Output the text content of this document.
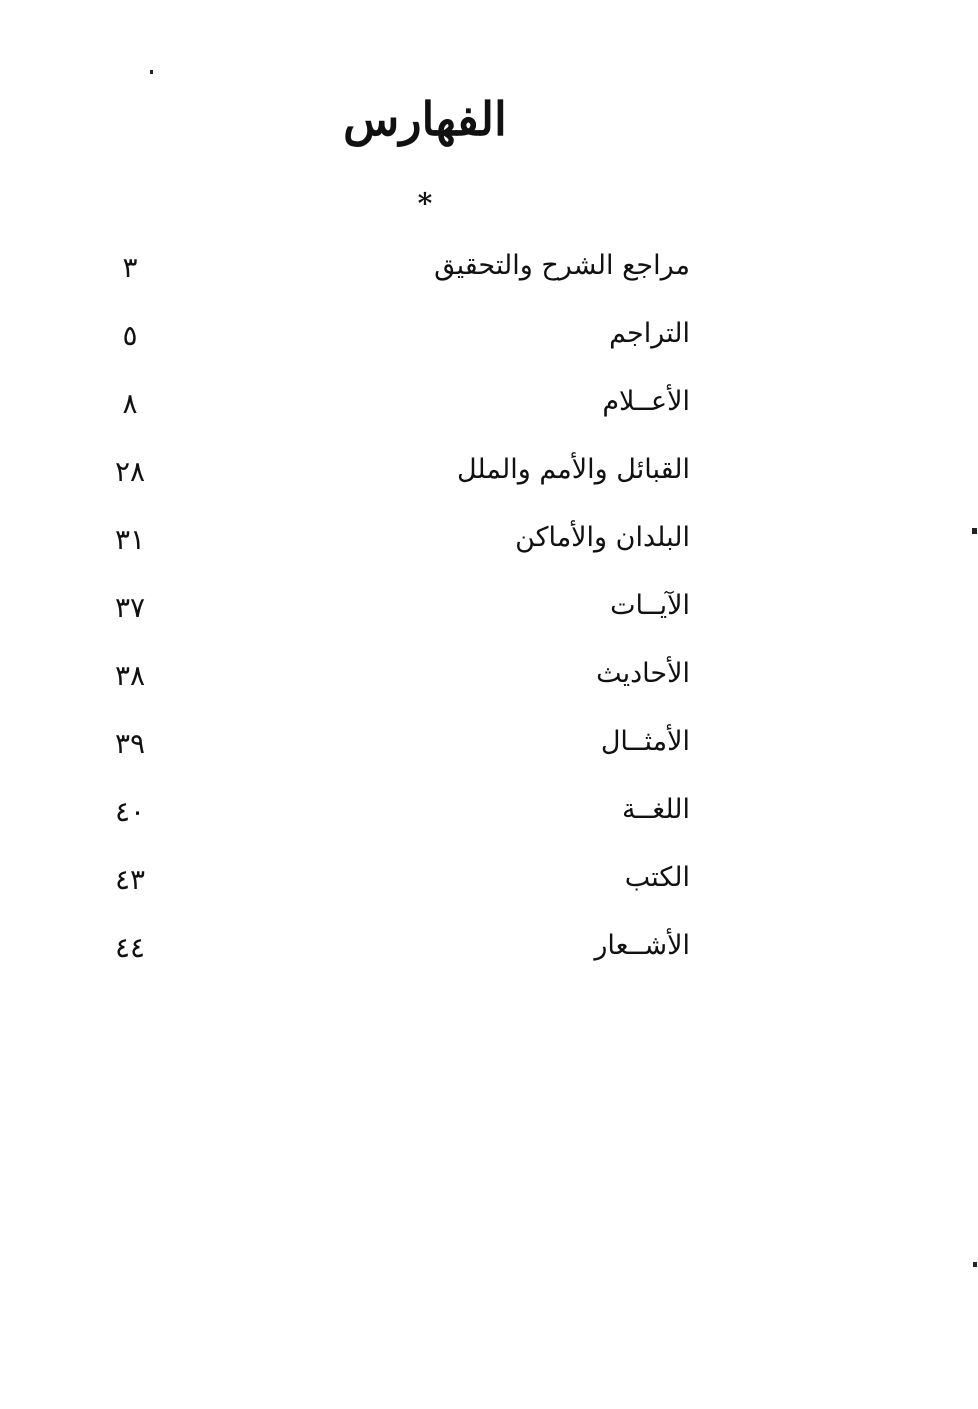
الفهارس
*
مراجع الشرح والتحقيق
٣
التراجم
٥
الأعــلام
٨
القبائل والأمم والملل
٢٨
البلدان والأماكن
٣١
الآيــات
٣٧
الأحاديث
٣٨
الأمثــال
٣٩
اللغــة
٤٠
الكتب
٤٣
الأشــعار
٤٤
